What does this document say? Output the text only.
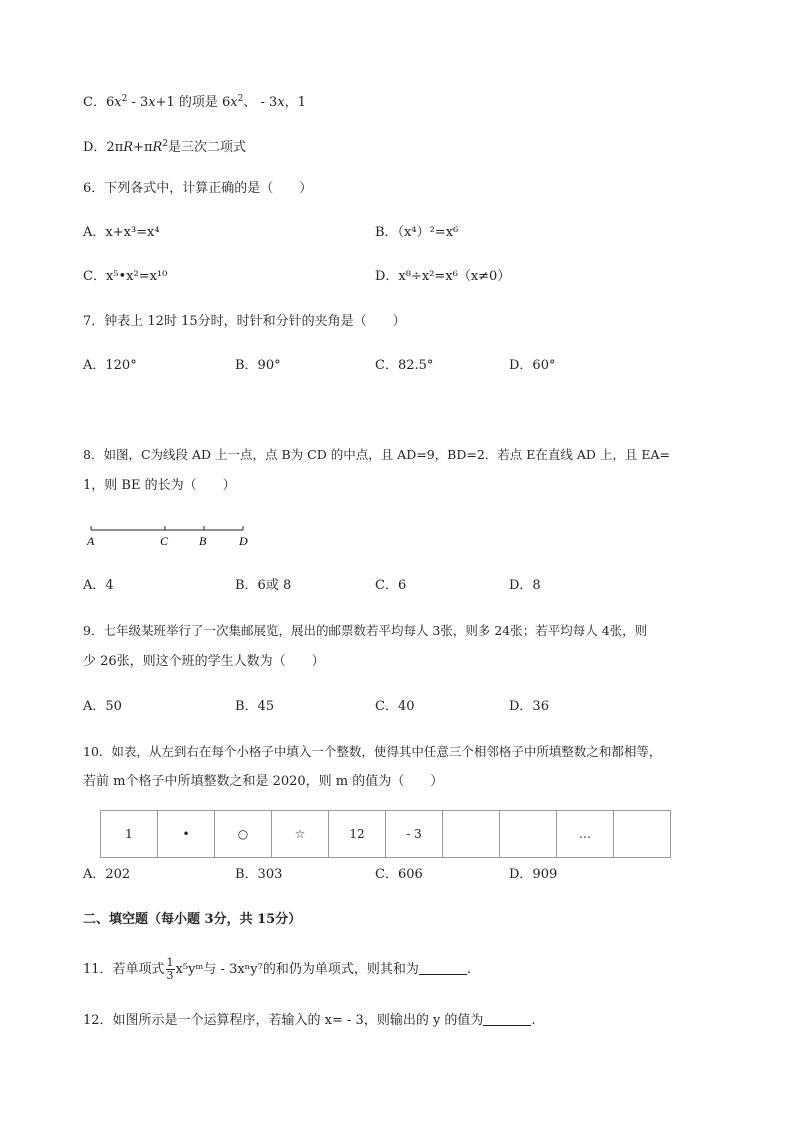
C．$6x^2 - 3x+1$ 的项是 $6x^2$、 - 3x，1
D．$2\pi R+\pi R^2$是三次二项式
6．下列各式中，计算正确的是（　　）
A．x+x³=x⁴	B．（x⁴）²=x⁶
C．x⁵•x²=x¹⁰	D．x⁸÷x²=x⁶（x≠0）
7．钟表上 12时 15分时，时针和分针的夹角是（　　）
A．120°	B．90°	C．82.5°	D．60°
8．如图，C为线段 AD 上一点，点 B为 CD 的中点，且 AD=9，BD=2．若点 E在直线 AD 上，且 EA=
1，则 BE 的长为（　　）
A	C	B	D
A．4	B．6或 8	C．6	D．8
9．七年级某班举行了一次集邮展览，展出的邮票数若平均每人 3张，则多 24张；若平均每人 4张，则
少 26张，则这个班的学生人数为（　　）
A．50	B．45	C．40	D．36
10．如表，从左到右在每个小格子中填入一个整数，使得其中任意三个相邻格子中所填整数之和都相等，
若前 m个格子中所填整数之和是 2020，则 m 的值为（　　）
1	•	○	☆	12	- 3			…	
A．202	B．303	C．606	D．909
二、填空题（每小题 3分，共 15分）
11．若单项式 $\frac{1}{3}$ x⁵yᵐ与 - 3xⁿy⁷的和仍为单项式，则其和为	.
12．如图所示是一个运算程序，若输入的 x= - 3，则输出的 y 的值为	.
